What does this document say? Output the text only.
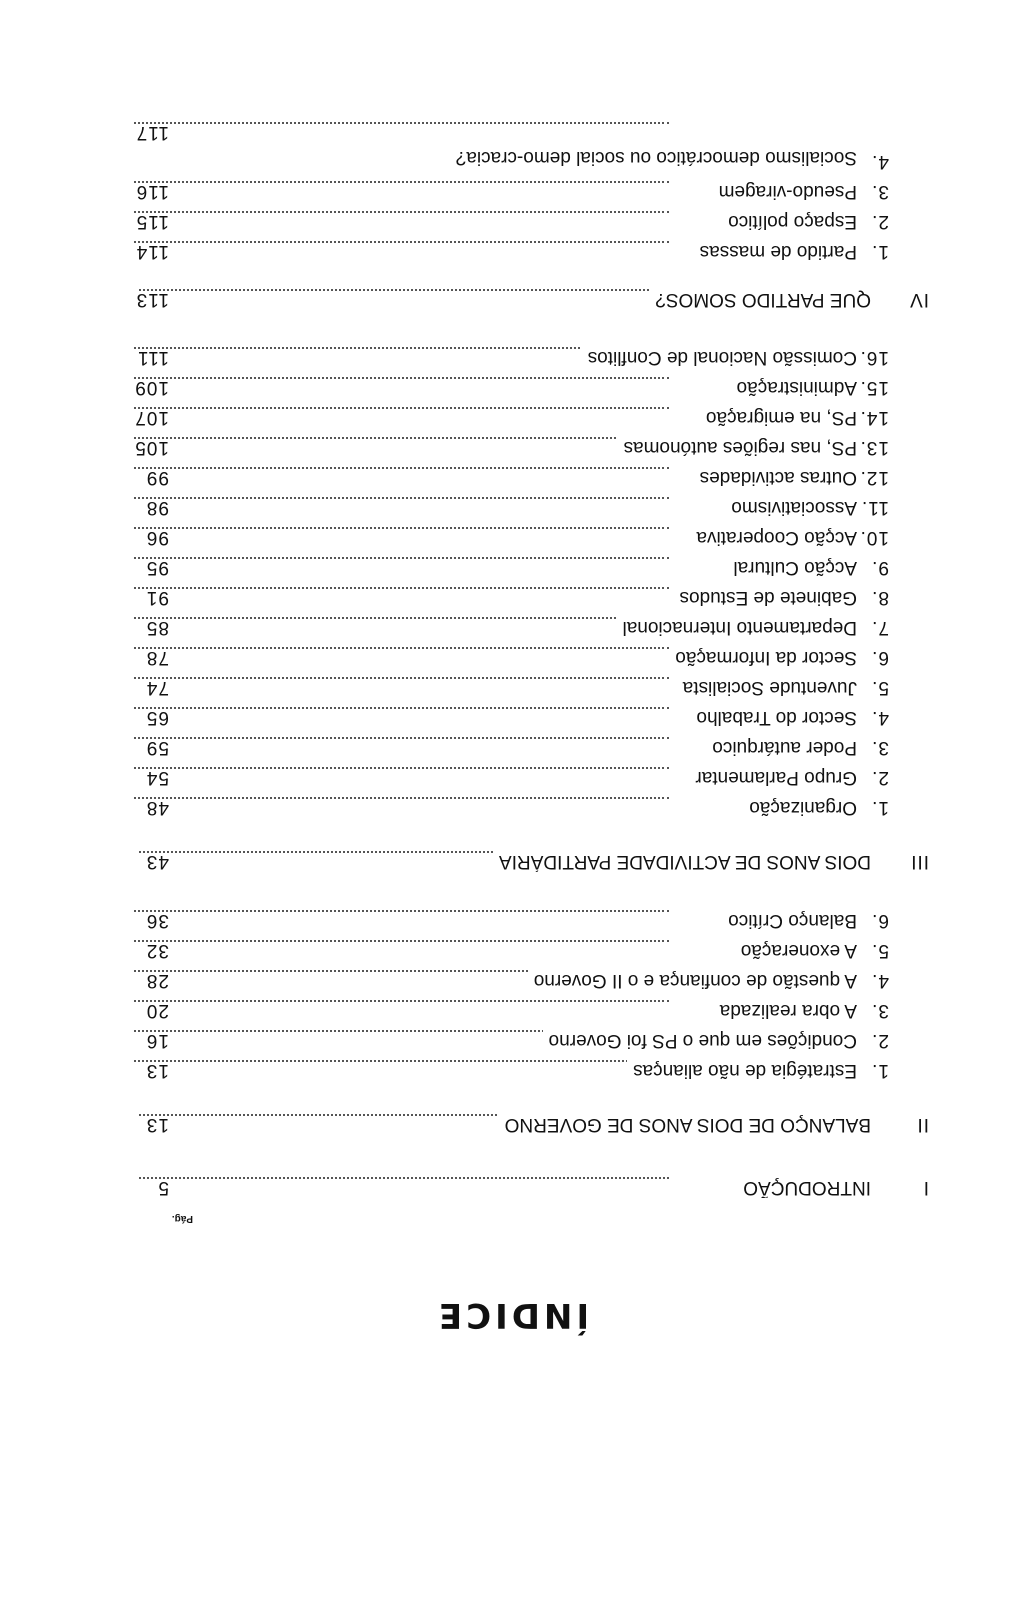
ÍNDICE
Pág.
I
INTRODUÇÃO
5
II
BALANÇO DE DOIS ANOS DE GOVERNO
13
1.
Estratégia de não alianças
13
2.
Condições em que o PS foi Governo
16
3.
A obra realizada
20
4.
A questão de confiança e o II Governo
28
5.
A exoneração
32
6.
Balanço Crítico
36
III
DOIS ANOS DE ACTIVIDADE PARTIDÁRIA
43
1.
Organização
48
2.
Grupo Parlamentar
54
3.
Poder autárquico
59
4.
Sector do Trabalho
65
5.
Juventude Socialista
74
6.
Sector da Informação
78
7.
Departamento Internacional
85
8.
Gabinete de Estudos
91
9.
Acção Cultural
95
10.
Acção Cooperativa
96
11.
Associativismo
98
12.
Outras actividades
99
13.
PS, nas regiões autónomas
105
14.
PS, na emigração
107
15.
Administração
109
16.
Comissão Nacional de Conflitos
111
IV
QUE PARTIDO SOMOS?
113
1.
Partido de massas
114
2.
Espaço político
115
3.
Pseudo-viragem
116
4.
Socialismo democrático ou social demo-cracia?
117
